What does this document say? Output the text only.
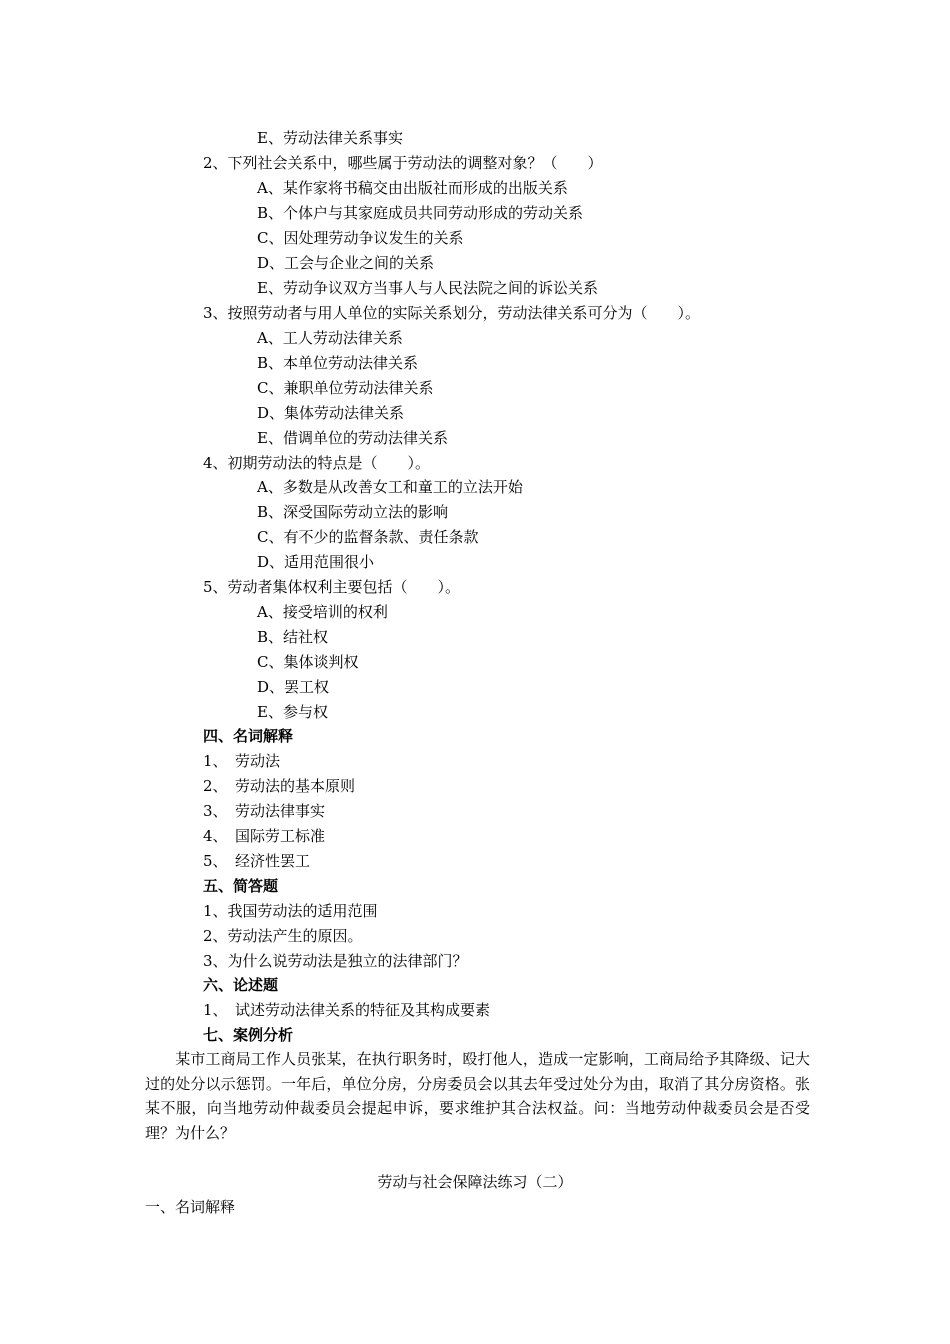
E、劳动法律关系事实
2、下列社会关系中，哪些属于劳动法的调整对象？（　　）
A、某作家将书稿交由出版社而形成的出版关系
B、个体户与其家庭成员共同劳动形成的劳动关系
C、因处理劳动争议发生的关系
D、工会与企业之间的关系
E、劳动争议双方当事人与人民法院之间的诉讼关系
3、按照劳动者与用人单位的实际关系划分，劳动法律关系可分为（　　）。
A、工人劳动法律关系
B、本单位劳动法律关系
C、兼职单位劳动法律关系
D、集体劳动法律关系
E、借调单位的劳动法律关系
4、初期劳动法的特点是（　　）。
A、多数是从改善女工和童工的立法开始
B、深受国际劳动立法的影响
C、有不少的监督条款、责任条款
D、适用范围很小
5、劳动者集体权利主要包括（　　）。
A、接受培训的权利
B、结社权
C、集体谈判权
D、罢工权
E、参与权
四、名词解释
1、　劳动法
2、　劳动法的基本原则
3、　劳动法律事实
4、　国际劳工标准
5、　经济性罢工
五、简答题
1、我国劳动法的适用范围
2、劳动法产生的原因。
3、为什么说劳动法是独立的法律部门？
六、论述题
1、　试述劳动法律关系的特征及其构成要素
七、案例分析

　　某市工商局工作人员张某，在执行职务时，殴打他人，造成一定影响，工商局给予其降级、记大过的处分以示惩罚。一年后，单位分房，分房委员会以其去年受过处分为由，取消了其分房资格。张某不服，向当地劳动仲裁委员会提起申诉，要求维护其合法权益。问：当地劳动仲裁委员会是否受理？为什么？

劳动与社会保障法练习（二）
一、名词解释
